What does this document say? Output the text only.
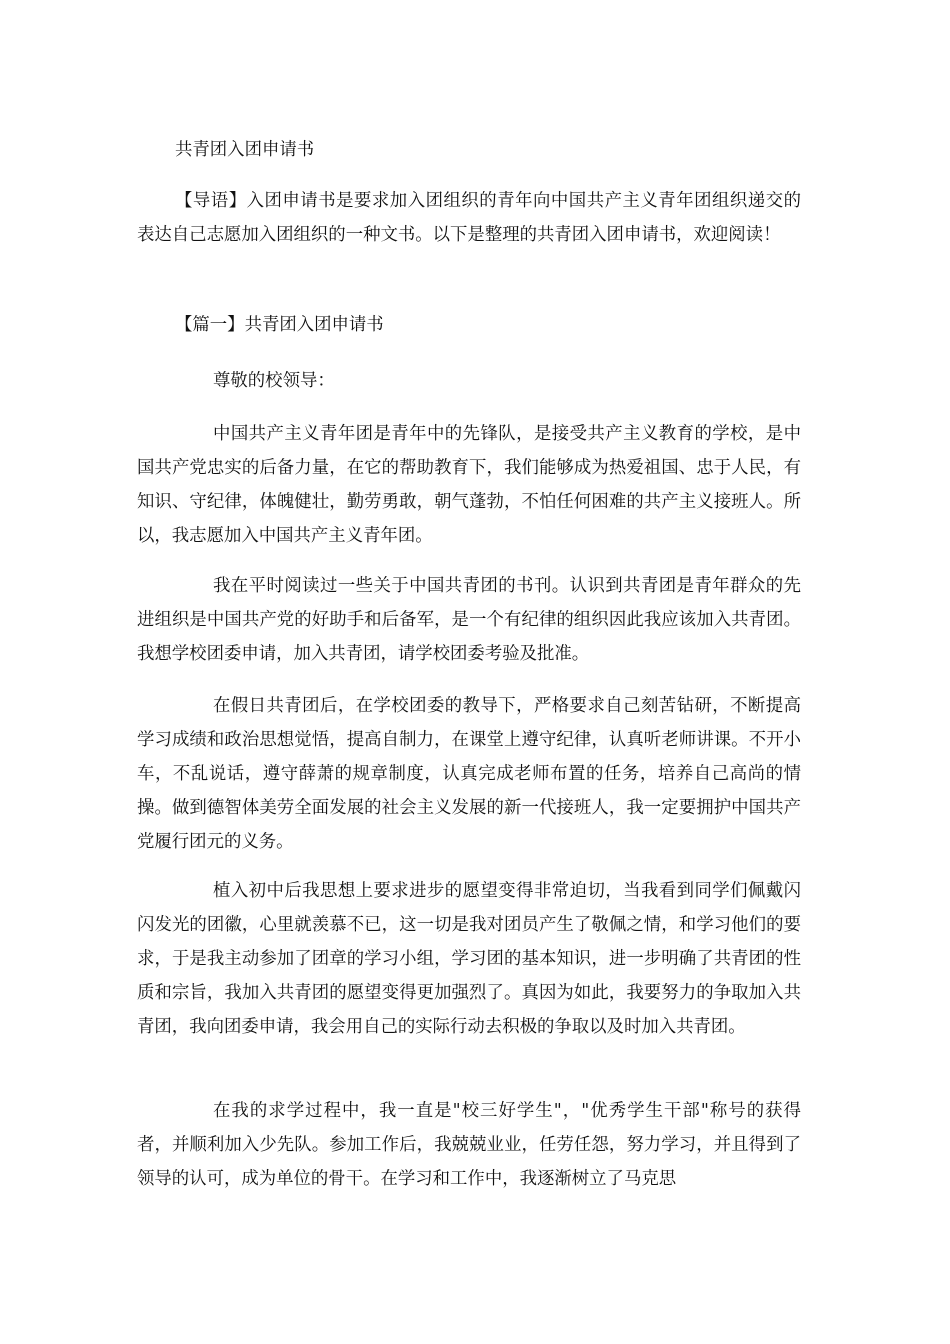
共青团入团申请书

【导语】入团申请书是要求加入团组织的青年向中国共产主义青年团组织递交的表达自己志愿加入团组织的一种文书。以下是整理的共青团入团申请书，欢迎阅读！

【篇一】共青团入团申请书

尊敬的校领导：

中国共产主义青年团是青年中的先锋队，是接受共产主义教育的学校，是中国共产党忠实的后备力量，在它的帮助教育下，我们能够成为热爱祖国、忠于人民，有知识、守纪律，体魄健壮，勤劳勇敢，朝气蓬勃，不怕任何困难的共产主义接班人。所以，我志愿加入中国共产主义青年团。

我在平时阅读过一些关于中国共青团的书刊。认识到共青团是青年群众的先进组织是中国共产党的好助手和后备军，是一个有纪律的组织因此我应该加入共青团。我想学校团委申请，加入共青团，请学校团委考验及批准。

在假日共青团后，在学校团委的教导下，严格要求自己刻苦钻研，不断提高学习成绩和政治思想觉悟，提高自制力，在课堂上遵守纪律，认真听老师讲课。不开小车，不乱说话，遵守薛萧的规章制度，认真完成老师布置的任务，培养自己高尚的情操。做到德智体美劳全面发展的社会主义发展的新一代接班人，我一定要拥护中国共产党履行团元的义务。

植入初中后我思想上要求进步的愿望变得非常迫切，当我看到同学们佩戴闪闪发光的团徽，心里就羡慕不已，这一切是我对团员产生了敬佩之情，和学习他们的要求，于是我主动参加了团章的学习小组，学习团的基本知识，进一步明确了共青团的性质和宗旨，我加入共青团的愿望变得更加强烈了。真因为如此，我要努力的争取加入共青团，我向团委申请，我会用自己的实际行动去积极的争取以及时加入共青团。

在我的求学过程中，我一直是"校三好学生"，"优秀学生干部"称号的获得者，并顺利加入少先队。参加工作后，我兢兢业业，任劳任怨，努力学习，并且得到了领导的认可，成为单位的骨干。在学习和工作中，我逐渐树立了马克思
